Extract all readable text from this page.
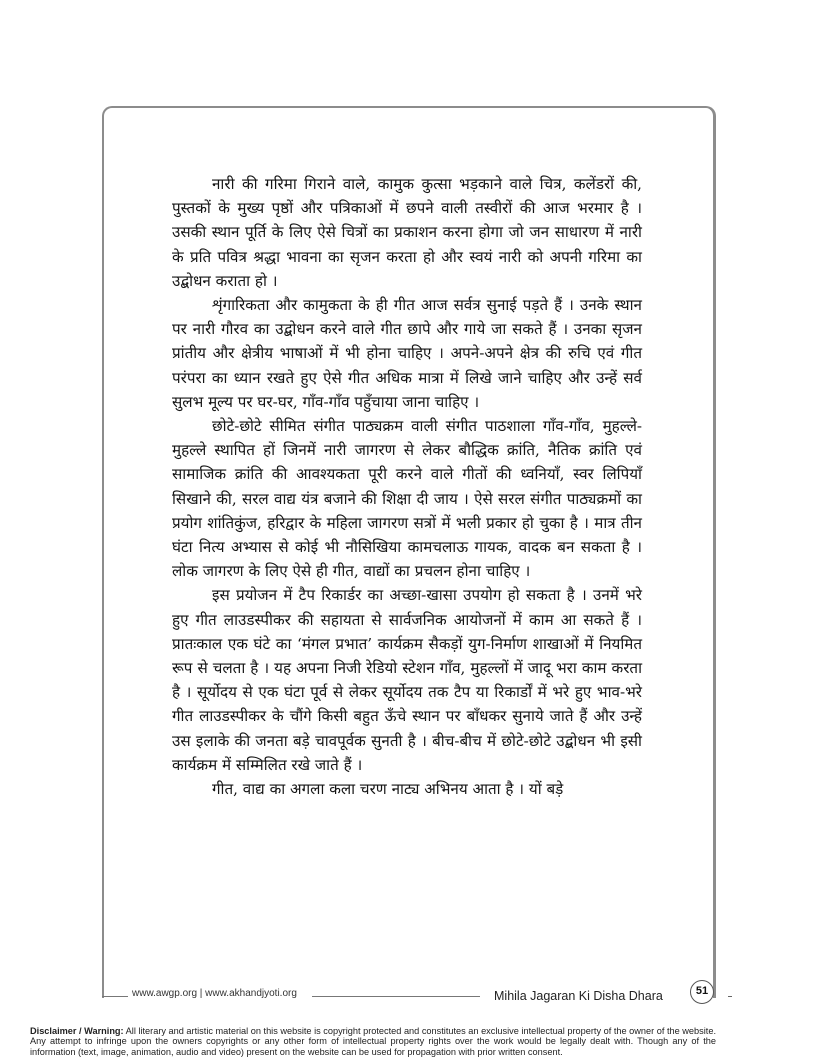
नारी की गरिमा गिराने वाले, कामुक कुत्सा भड़काने वाले चित्र, कलेंडरों की, पुस्तकों के मुख्य पृष्ठों और पत्रिकाओं में छपने वाली तस्वीरों की आज भरमार है । उसकी स्थान पूर्ति के लिए ऐसे चित्रों का प्रकाशन करना होगा जो जन साधारण में नारी के प्रति पवित्र श्रद्धा भावना का सृजन करता हो और स्वयं नारी को अपनी गरिमा का उद्बोधन कराता हो ।

शृंगारिकता और कामुकता के ही गीत आज सर्वत्र सुनाई पड़ते हैं । उनके स्थान पर नारी गौरव का उद्बोधन करने वाले गीत छापे और गाये जा सकते हैं । उनका सृजन प्रांतीय और क्षेत्रीय भाषाओं में भी होना चाहिए । अपने-अपने क्षेत्र की रुचि एवं गीत परंपरा का ध्यान रखते हुए ऐसे गीत अधिक मात्रा में लिखे जाने चाहिए और उन्हें सर्व सुलभ मूल्य पर घर-घर, गाँव-गाँव पहुँचाया जाना चाहिए ।

छोटे-छोटे सीमित संगीत पाठ्यक्रम वाली संगीत पाठशाला गाँव-गाँव, मुहल्ले-मुहल्ले स्थापित हों जिनमें नारी जागरण से लेकर बौद्धिक क्रांति, नैतिक क्रांति एवं सामाजिक क्रांति की आवश्यकता पूरी करने वाले गीतों की ध्वनियाँ, स्वर लिपियाँ सिखाने की, सरल वाद्य यंत्र बजाने की शिक्षा दी जाय । ऐसे सरल संगीत पाठ्यक्रमों का प्रयोग शांतिकुंज, हरिद्वार के महिला जागरण सत्रों में भली प्रकार हो चुका है । मात्र तीन घंटा नित्य अभ्यास से कोई भी नौसिखिया कामचलाऊ गायक, वादक बन सकता है । लोक जागरण के लिए ऐसे ही गीत, वाद्यों का प्रचलन होना चाहिए ।

इस प्रयोजन में टैप रिकार्डर का अच्छा-खासा उपयोग हो सकता है । उनमें भरे हुए गीत लाउडस्पीकर की सहायता से सार्वजनिक आयोजनों में काम आ सकते हैं । प्रातःकाल एक घंटे का ‘मंगल प्रभात’ कार्यक्रम सैकड़ों युग-निर्माण शाखाओं में नियमित रूप से चलता है । यह अपना निजी रेडियो स्टेशन गाँव, मुहल्लों में जादू भरा काम करता है । सूर्योदय से एक घंटा पूर्व से लेकर सूर्योदय तक टैप या रिकार्डों में भरे हुए भाव-भरे गीत लाउडस्पीकर के चौंगे किसी बहुत ऊँचे स्थान पर बाँधकर सुनाये जाते हैं और उन्हें उस इलाके की जनता बड़े चावपूर्वक सुनती है । बीच-बीच में छोटे-छोटे उद्बोधन भी इसी कार्यक्रम में सम्मिलित रखे जाते हैं ।

गीत, वाद्य का अगला कला चरण नाट्य अभिनय आता है । यों बड़े

www.awgp.org | www.akhandjyoti.org	Mihila Jagaran Ki Disha Dhara	51
Disclaimer / Warning: All literary and artistic material on this website is copyright protected and constitutes an exclusive intellectual property of the owner of the website. Any attempt to infringe upon the owners copyrights or any other form of intellectual property rights over the work would be legally dealt with. Though any of the information (text, image, animation, audio and video) present on the website can be used for propagation with prior written consent.
